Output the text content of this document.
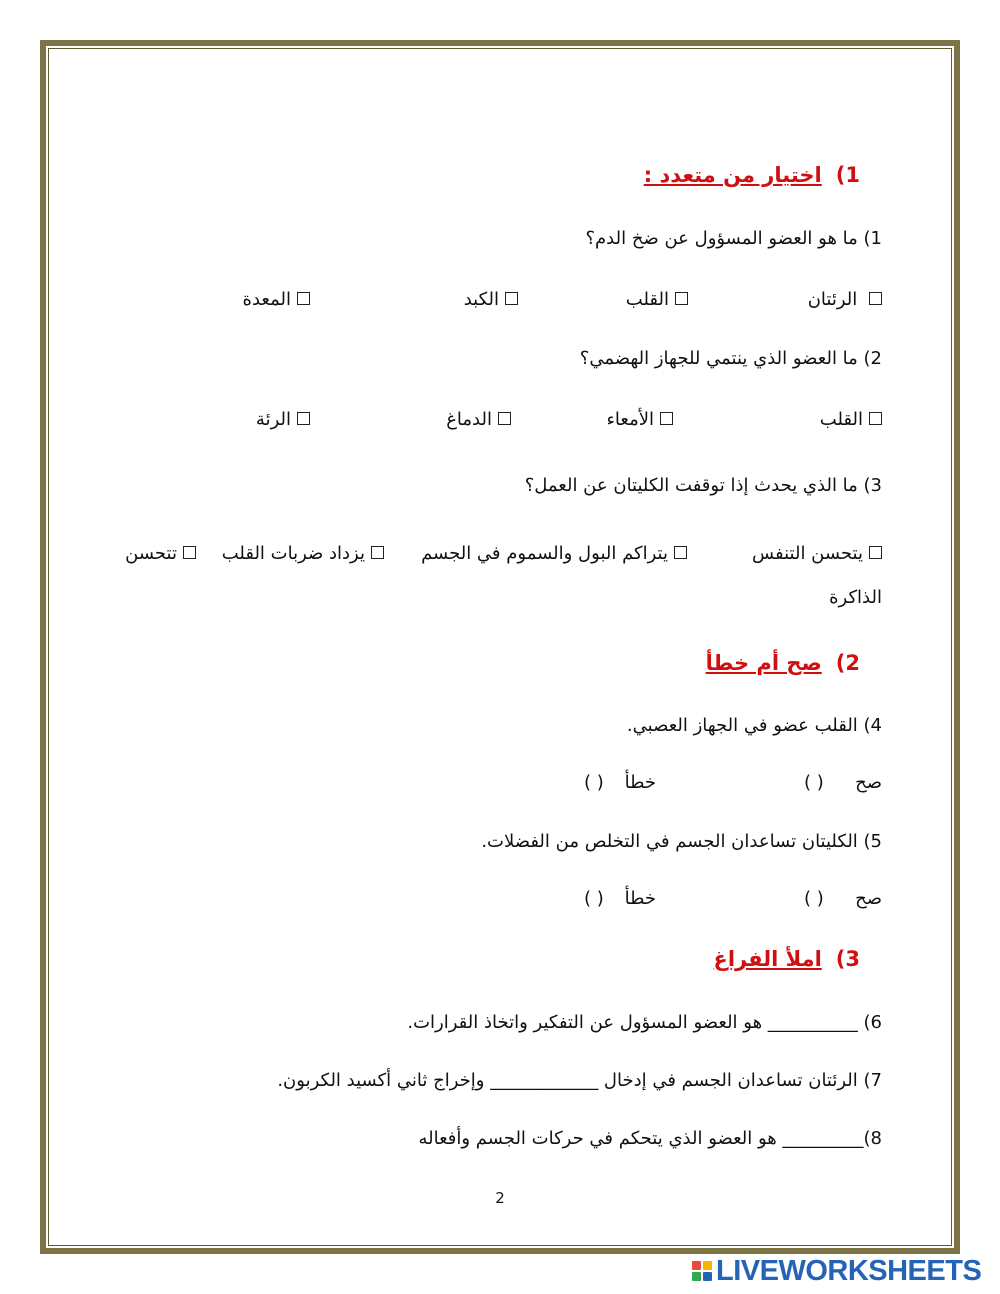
1)اختيار من متعدد :
1) ما هو العضو المسؤول عن ضخ الدم؟
الرئتان
القلب
الكبد
المعدة
2) ما العضو الذي ينتمي للجهاز الهضمي؟
القلب
الأمعاء
الدماغ
الرئة
3) ما الذي يحدث إذا توقفت الكليتان عن العمل؟
يتحسن التنفس
يتراكم البول والسموم في الجسم
يزداد ضربات القلب
تتحسن
الذاكرة
2)صح أم خطأ
4) القلب عضو في الجهاز العصبي.
صح
( )
خطأ
( )
5) الكليتان تساعدان الجسم في التخلص من الفضلات.
صح
( )
خطأ
( )
3)املأ الفراغ
6) __________ هو العضو المسؤول عن التفكير واتخاذ القرارات.
7) الرئتان تساعدان الجسم في إدخال ____________ وإخراج ثاني أكسيد الكربون.
8)_________ هو العضو الذي يتحكم في حركات الجسم وأفعاله
2
LIVEWORKSHEETS
